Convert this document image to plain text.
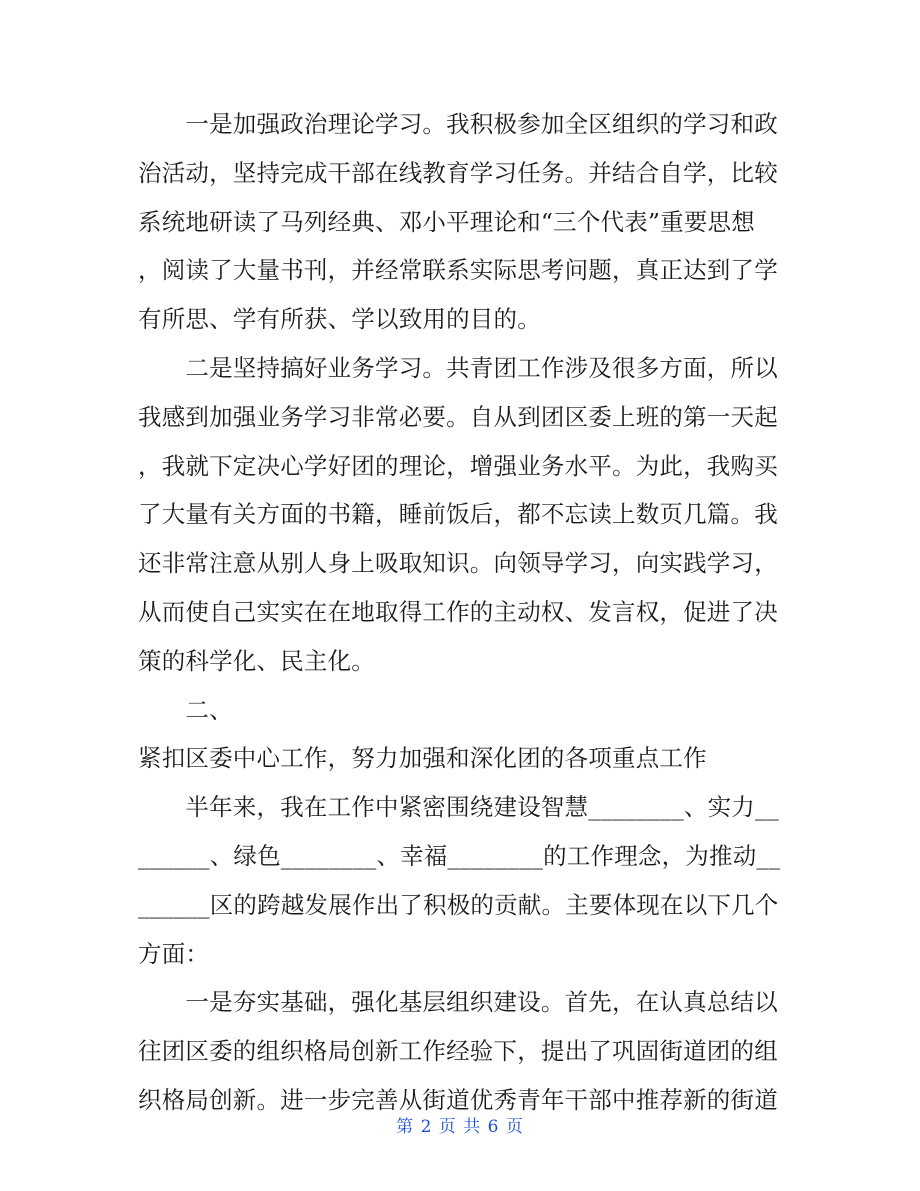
　　一是加强政治理论学习。我积极参加全区组织的学习和政
治活动，坚持完成干部在线教育学习任务。并结合自学，比较
系统地研读了马列经典、邓小平理论和“三个代表”重要思想
，阅读了大量书刊，并经常联系实际思考问题，真正达到了学
有所思、学有所获、学以致用的目的。
　　二是坚持搞好业务学习。共青团工作涉及很多方面，所以
我感到加强业务学习非常必要。自从到团区委上班的第一天起
，我就下定决心学好团的理论，增强业务水平。为此，我购买
了大量有关方面的书籍，睡前饭后，都不忘读上数页几篇。我
还非常注意从别人身上吸取知识。向领导学习，向实践学习，
从而使自己实实在在地取得工作的主动权、发言权，促进了决
策的科学化、民主化。
　　二、
紧扣区委中心工作，努力加强和深化团的各项重点工作
　　半年来，我在工作中紧密围绕建设智慧________、实力__
______、绿色________、幸福________的工作理念，为推动__
______区的跨越发展作出了积极的贡献。主要体现在以下几个
方面：
　　一是夯实基础，强化基层组织建设。首先，在认真总结以
往团区委的组织格局创新工作经验下，提出了巩固街道团的组
织格局创新。进一步完善从街道优秀青年干部中推荐新的街道
第 2 页 共 6 页
